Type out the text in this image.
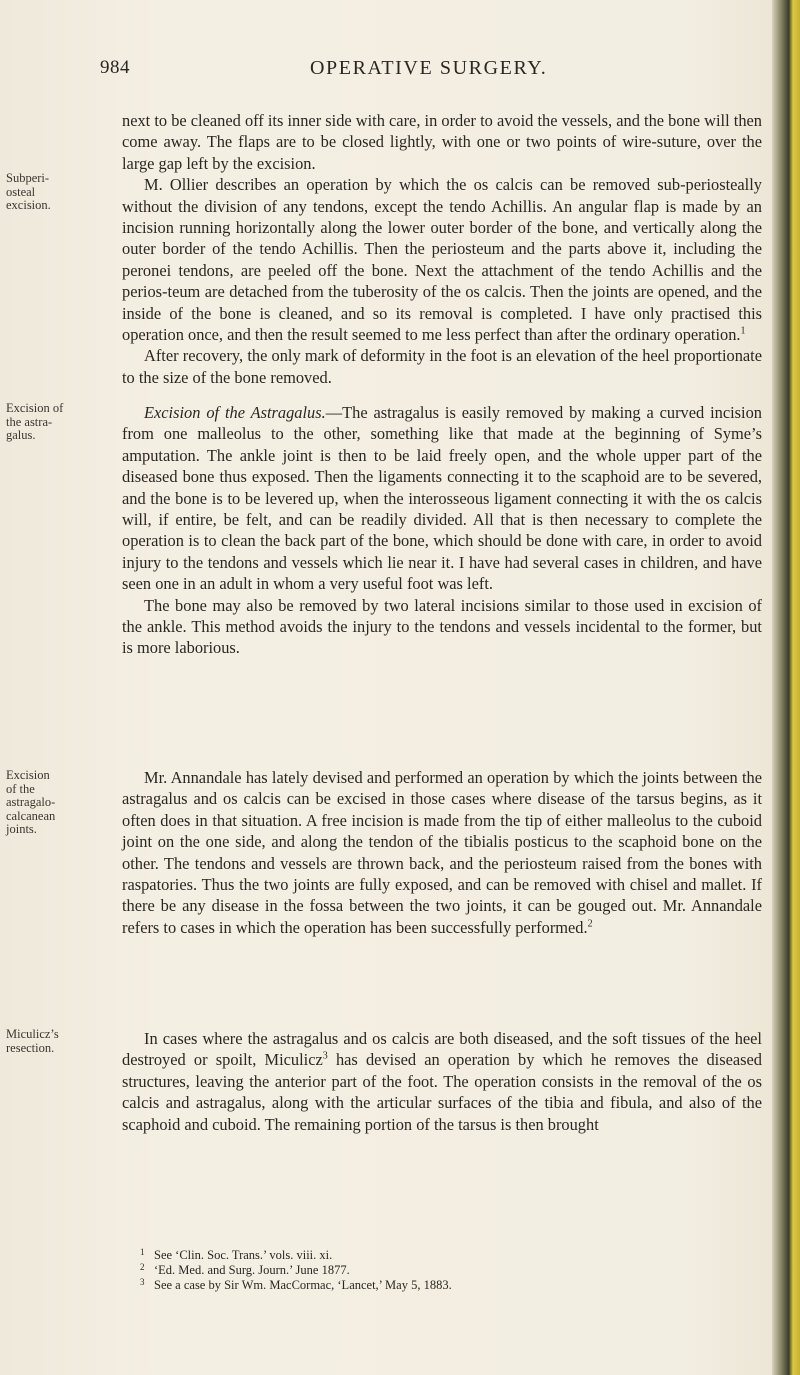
984	OPERATIVE SURGERY.
Subperi-
osteal
excision.
Excision of
the astra-
galus.
Excision
of the
astragalo-
calcanean
joints.
Miculicz’s
resection.

next to be cleaned off its inner side with care, in order to avoid the vessels, and the bone will then come away. The flaps are to be closed lightly, with one or two points of wire-suture, over the large gap left by the excision.

M. Ollier describes an operation by which the os calcis can be removed sub-periosteally without the division of any tendons, except the tendo Achillis. An angular flap is made by an incision running horizontally along the lower outer border of the bone, and vertically along the outer border of the tendo Achillis. Then the periosteum and the parts above it, including the peronei tendons, are peeled off the bone. Next the attachment of the tendo Achillis and the perios-teum are detached from the tuberosity of the os calcis. Then the joints are opened, and the inside of the bone is cleaned, and so its removal is completed. I have only practised this operation once, and then the result seemed to me less perfect than after the ordinary operation.$^1$

After recovery, the only mark of deformity in the foot is an elevation of the heel proportionate to the size of the bone removed.

Excision of the Astragalus.—The astragalus is easily removed by making a curved incision from one malleolus to the other, something like that made at the beginning of Syme’s amputation. The ankle joint is then to be laid freely open, and the whole upper part of the diseased bone thus exposed. Then the ligaments connecting it to the scaphoid are to be severed, and the bone is to be levered up, when the interosseous ligament connecting it with the os calcis will, if entire, be felt, and can be readily divided. All that is then necessary to complete the operation is to clean the back part of the bone, which should be done with care, in order to avoid injury to the tendons and vessels which lie near it. I have had several cases in children, and have seen one in an adult in whom a very useful foot was left.

The bone may also be removed by two lateral incisions similar to those used in excision of the ankle. This method avoids the injury to the tendons and vessels incidental to the former, but is more laborious.

Mr. Annandale has lately devised and performed an operation by which the joints between the astragalus and os calcis can be excised in those cases where disease of the tarsus begins, as it often does in that situation. A free incision is made from the tip of either malleolus to the cuboid joint on the one side, and along the tendon of the tibialis posticus to the scaphoid bone on the other. The tendons and vessels are thrown back, and the periosteum raised from the bones with raspatories. Thus the two joints are fully exposed, and can be removed with chisel and mallet. If there be any disease in the fossa between the two joints, it can be gouged out. Mr. Annandale refers to cases in which the operation has been successfully performed.$^2$

In cases where the astragalus and os calcis are both diseased, and the soft tissues of the heel destroyed or spoilt, Miculicz$^3$ has devised an operation by which he removes the diseased structures, leaving the anterior part of the foot. The operation consists in the removal of the os calcis and astragalus, along with the articular surfaces of the tibia and fibula, and also of the scaphoid and cuboid. The remaining portion of the tarsus is then brought

1 See ‘Clin. Soc. Trans.’ vols. viii. xi.
2 ‘Ed. Med. and Surg. Journ.’ June 1877.
3 See a case by Sir Wm. MacCormac, ‘Lancet,’ May 5, 1883.
